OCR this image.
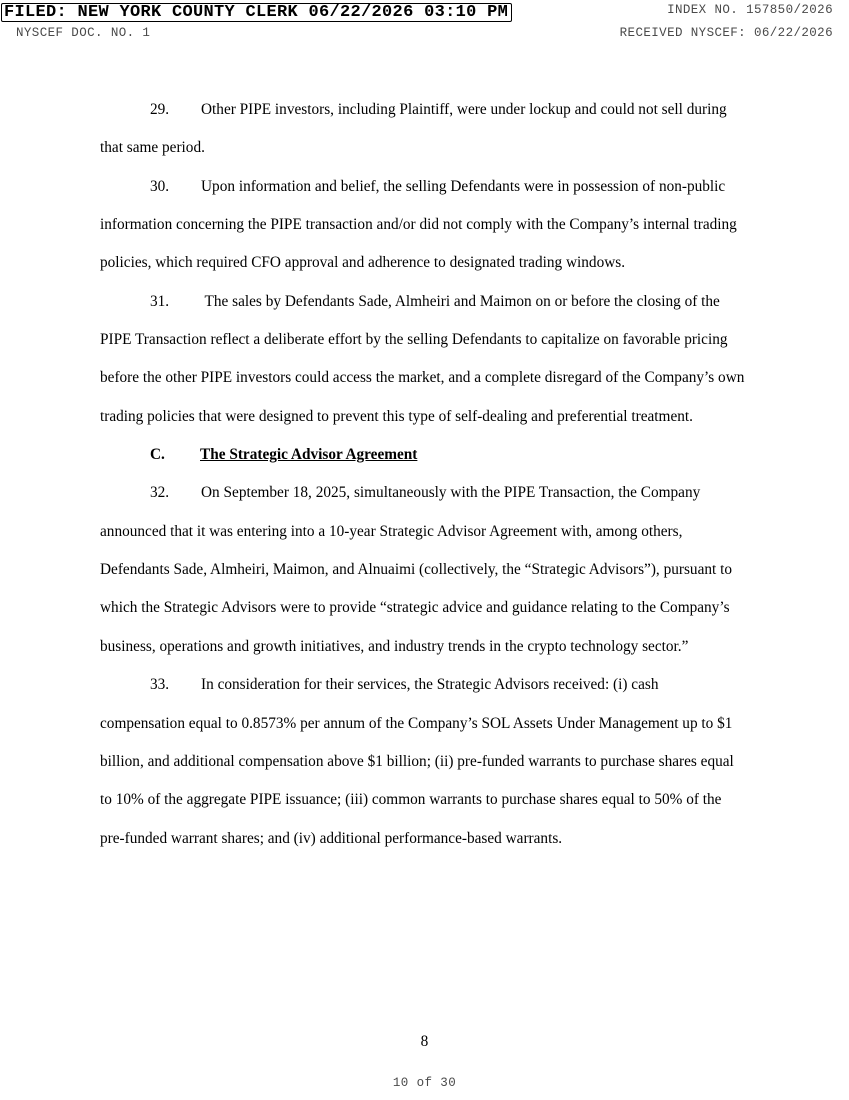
FILED: NEW YORK COUNTY CLERK 06/22/2026 03:10 PM
NYSCEF DOC. NO. 1
INDEX NO. 157850/2026
RECEIVED NYSCEF: 06/22/2026

29. Other PIPE investors, including Plaintiff, were under lockup and could not sell during that same period.

30. Upon information and belief, the selling Defendants were in possession of non-public information concerning the PIPE transaction and/or did not comply with the Company’s internal trading policies, which required CFO approval and adherence to designated trading windows.

31. The sales by Defendants Sade, Almheiri and Maimon on or before the closing of the PIPE Transaction reflect a deliberate effort by the selling Defendants to capitalize on favorable pricing before the other PIPE investors could access the market, and a complete disregard of the Company’s own trading policies that were designed to prevent this type of self-dealing and preferential treatment.

C. The Strategic Advisor Agreement

32. On September 18, 2025, simultaneously with the PIPE Transaction, the Company announced that it was entering into a 10-year Strategic Advisor Agreement with, among others, Defendants Sade, Almheiri, Maimon, and Alnuaimi (collectively, the “Strategic Advisors”), pursuant to which the Strategic Advisors were to provide “strategic advice and guidance relating to the Company’s business, operations and growth initiatives, and industry trends in the crypto technology sector.”

33. In consideration for their services, the Strategic Advisors received: (i) cash compensation equal to 0.8573% per annum of the Company’s SOL Assets Under Management up to $1 billion, and additional compensation above $1 billion; (ii) pre-funded warrants to purchase shares equal to 10% of the aggregate PIPE issuance; (iii) common warrants to purchase shares equal to 50% of the pre-funded warrant shares; and (iv) additional performance-based warrants.

8
10 of 30
